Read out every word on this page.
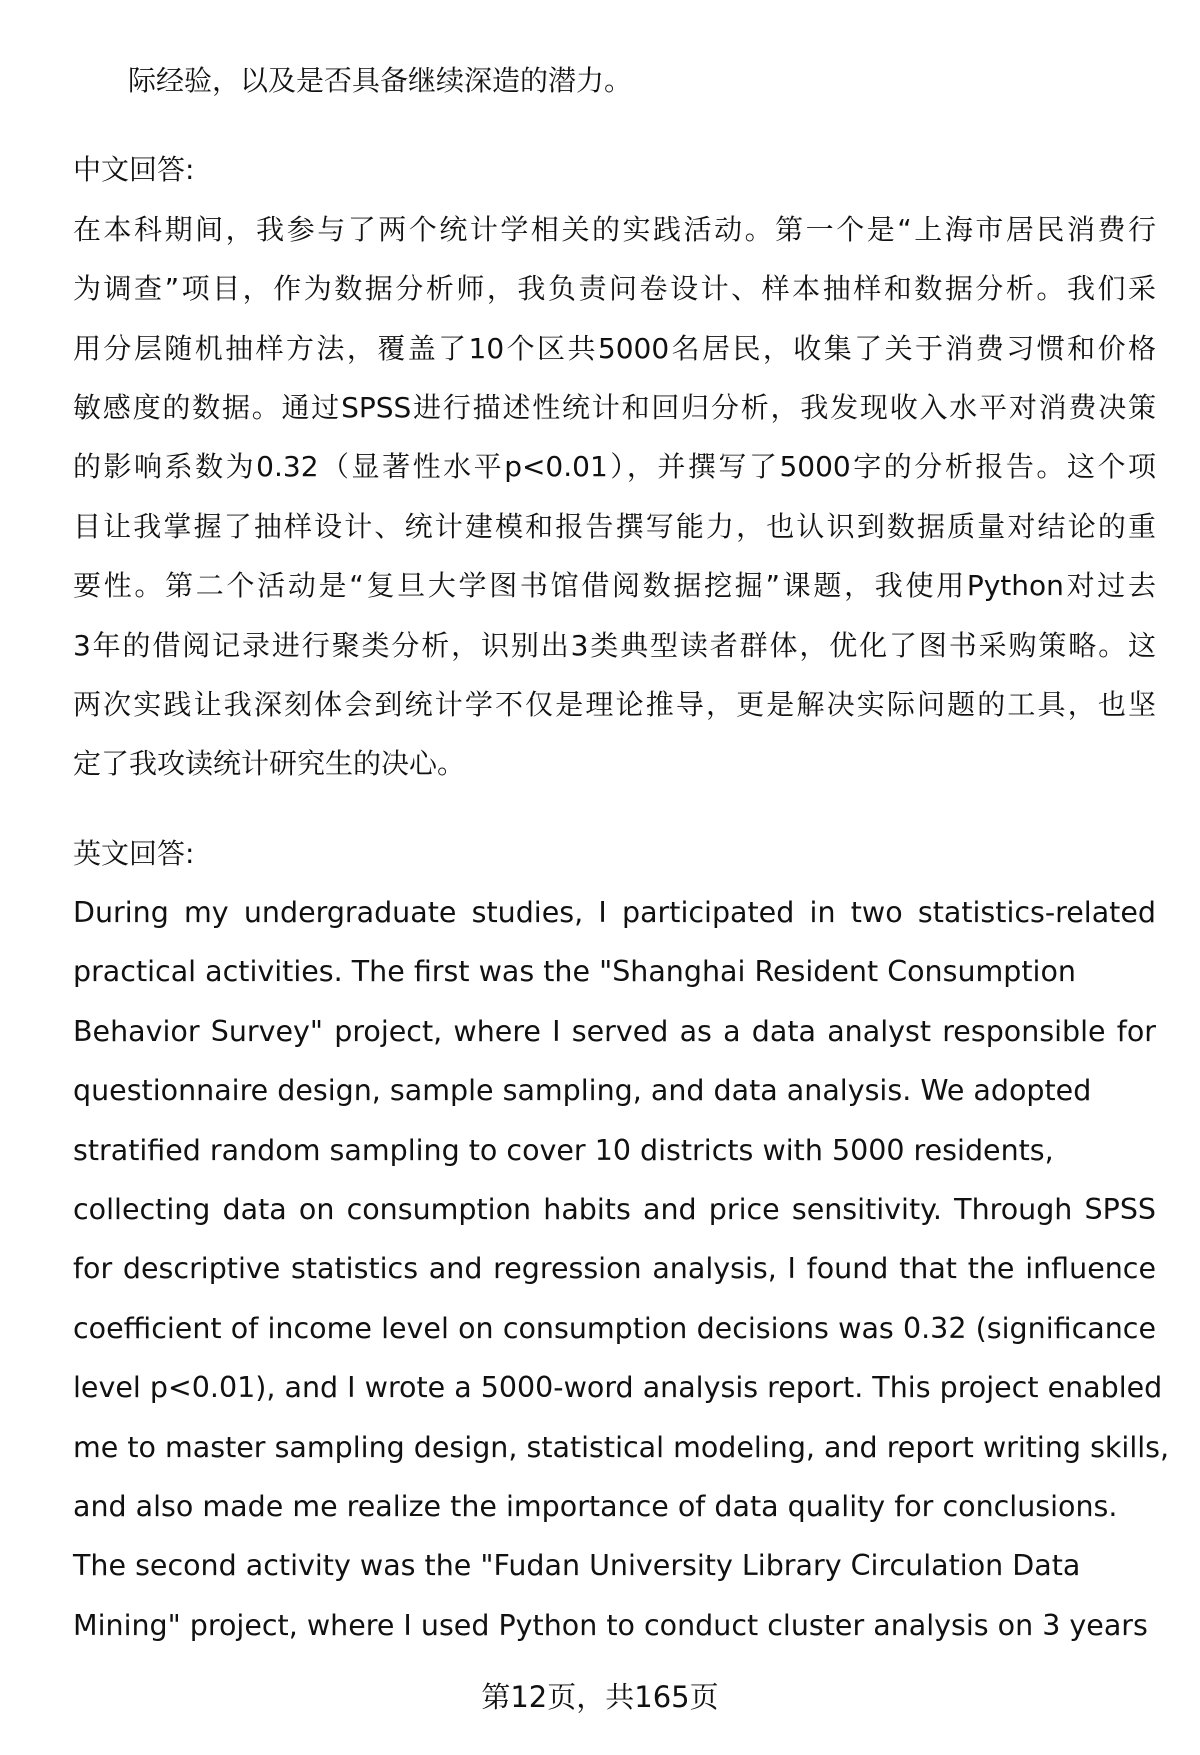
际经验，以及是否具备继续深造的潜力。
中文回答:
在本科期间，我参与了两个统计学相关的实践活动。第一个是“上海市居民消费行
为调查”项目，作为数据分析师，我负责问卷设计、样本抽样和数据分析。我们采
用分层随机抽样方法，覆盖了10个区共5000名居民，收集了关于消费习惯和价格
敏感度的数据。通过SPSS进行描述性统计和回归分析，我发现收入水平对消费决策
的影响系数为0.32（显著性水平p<0.01），并撰写了5000字的分析报告。这个项
目让我掌握了抽样设计、统计建模和报告撰写能力，也认识到数据质量对结论的重
要性。第二个活动是“复旦大学图书馆借阅数据挖掘”课题，我使用Python对过去
3年的借阅记录进行聚类分析，识别出3类典型读者群体，优化了图书采购策略。这
两次实践让我深刻体会到统计学不仅是理论推导，更是解决实际问题的工具，也坚
定了我攻读统计研究生的决心。
英文回答:
During my undergraduate studies, I participated in two statistics-related
practical activities. The first was the "Shanghai Resident Consumption
Behavior Survey" project, where I served as a data analyst responsible for
questionnaire design, sample sampling, and data analysis. We adopted
stratified random sampling to cover 10 districts with 5000 residents,
collecting data on consumption habits and price sensitivity. Through SPSS
for descriptive statistics and regression analysis, I found that the influence
coefficient of income level on consumption decisions was 0.32 (significance
level p<0.01), and I wrote a 5000-word analysis report. This project enabled
me to master sampling design, statistical modeling, and report writing skills,
and also made me realize the importance of data quality for conclusions.
The second activity was the "Fudan University Library Circulation Data
Mining" project, where I used Python to conduct cluster analysis on 3 years
第12页，共165页
